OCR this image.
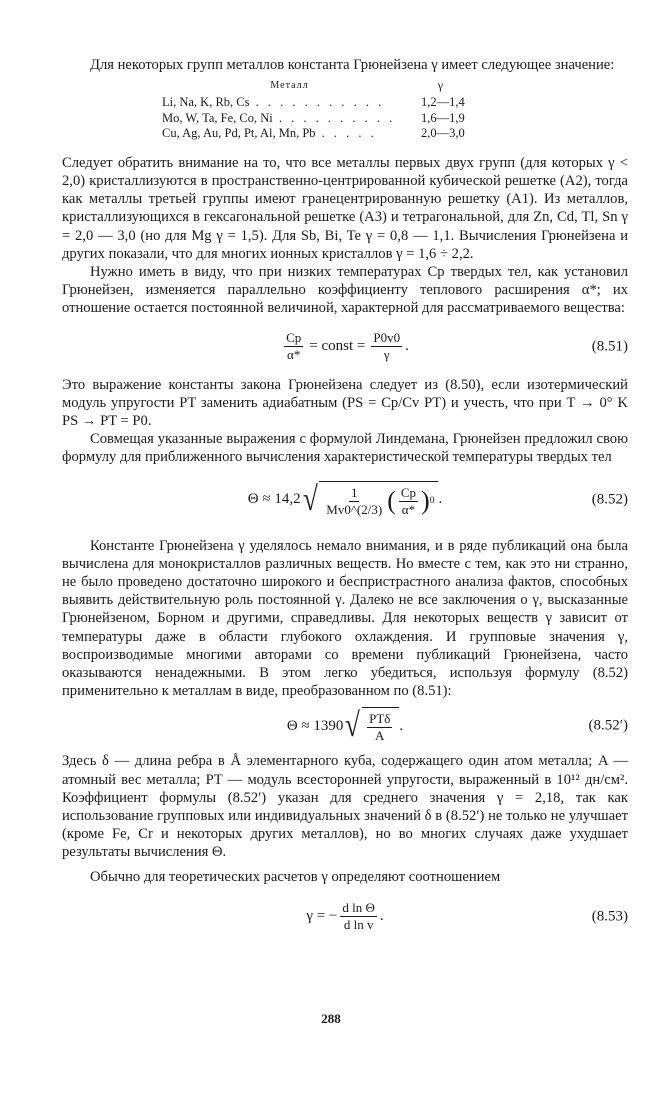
Для некоторых групп металлов константа Грюнейзена γ имеет следующее значение:

Металл	γ
Li, Na, K, Rb, Cs . . . . . . . . . . .	1,2—1,4
Mo, W, Ta, Fe, Co, Ni . . . . . . . . . .	1,6—1,9
Cu, Ag, Au, Pd, Pt, Al, Mn, Pb . . . . .	2,0—3,0

Следует обратить внимание на то, что все металлы первых двух групп (для которых γ < 2,0) кристаллизуются в пространственно-центрированной кубической решетке (А2), тогда как металлы третьей группы имеют гранецентрированную решетку (А1). Из металлов, кристаллизующихся в гексагональной решетке (А3) и тетрагональной, для Zn, Cd, Tl, Sn γ = 2,0 — 3,0 (но для Mg γ = 1,5). Для Sb, Bi, Te γ = 0,8 — 1,1. Вычисления Грюнейзена и других показали, что для многих ионных кристаллов γ = 1,6 ÷ 2,2.

Нужно иметь в виду, что при низких температурах Cp твердых тел, как установил Грюнейзен, изменяется параллельно коэффициенту теплового расширения α*; их отношение остается постоянной величиной, характерной для рассматриваемого вещества:

$\frac{Cp}{\alpha*}$ = const = $\frac{P0v0}{\gamma}$ .	(8.51)

Это выражение константы закона Грюнейзена следует из (8.50), если изотермический модуль упругости PT заменить адиабатным (PS = Cp/Cv PT) и учесть, что при T → 0° K PS → PT = P0.

Совмещая указанные выражения с формулой Линдемана, Грюнейзен предложил свою формулу для приближенного вычисления характеристической температуры твердых тел

Θ ≈ 14,2 √ $\frac{1}{Mv0\^{}(2/3)}$ ( $\frac{Cp}{\alpha*}$ ) 0 .	(8.52)

Константе Грюнейзена γ уделялось немало внимания, и в ряде публикаций она была вычислена для монокристаллов различных веществ. Но вместе с тем, как это ни странно, не было проведено достаточно широкого и беспристрастного анализа фактов, способных выявить действительную роль постоянной γ. Далеко не все заключения о γ, высказанные Грюнейзеном, Борном и другими, справедливы. Для некоторых веществ γ зависит от температуры даже в области глубокого охлаждения. И групповые значения γ, воспроизводимые многими авторами со времени публикаций Грюнейзена, часто оказываются ненадежными. В этом легко убедиться, используя формулу (8.52) применительно к металлам в виде, преобразованном по (8.51):

Θ ≈ 1390 √ $\frac{\text{PTδ}}{A}$ .	(8.52′)

Здесь δ — длина ребра в Å элементарного куба, содержащего один атом металла; A — атомный вес металла; PT — модуль всесторонней упругости, выраженный в 10¹² дн/см². Коэффициент формулы (8.52′) указан для среднего значения γ = 2,18, так как использование групповых или индивидуальных значений δ в (8.52′) не только не улучшает (кроме Fe, Cr и некоторых других металлов), но во многих случаях даже ухудшает результаты вычисления Θ.

Обычно для теоретических расчетов γ определяют соотношением

γ = − $\frac{\text{d ln Θ}}{\text{d ln v}}$ .	(8.53)
288
